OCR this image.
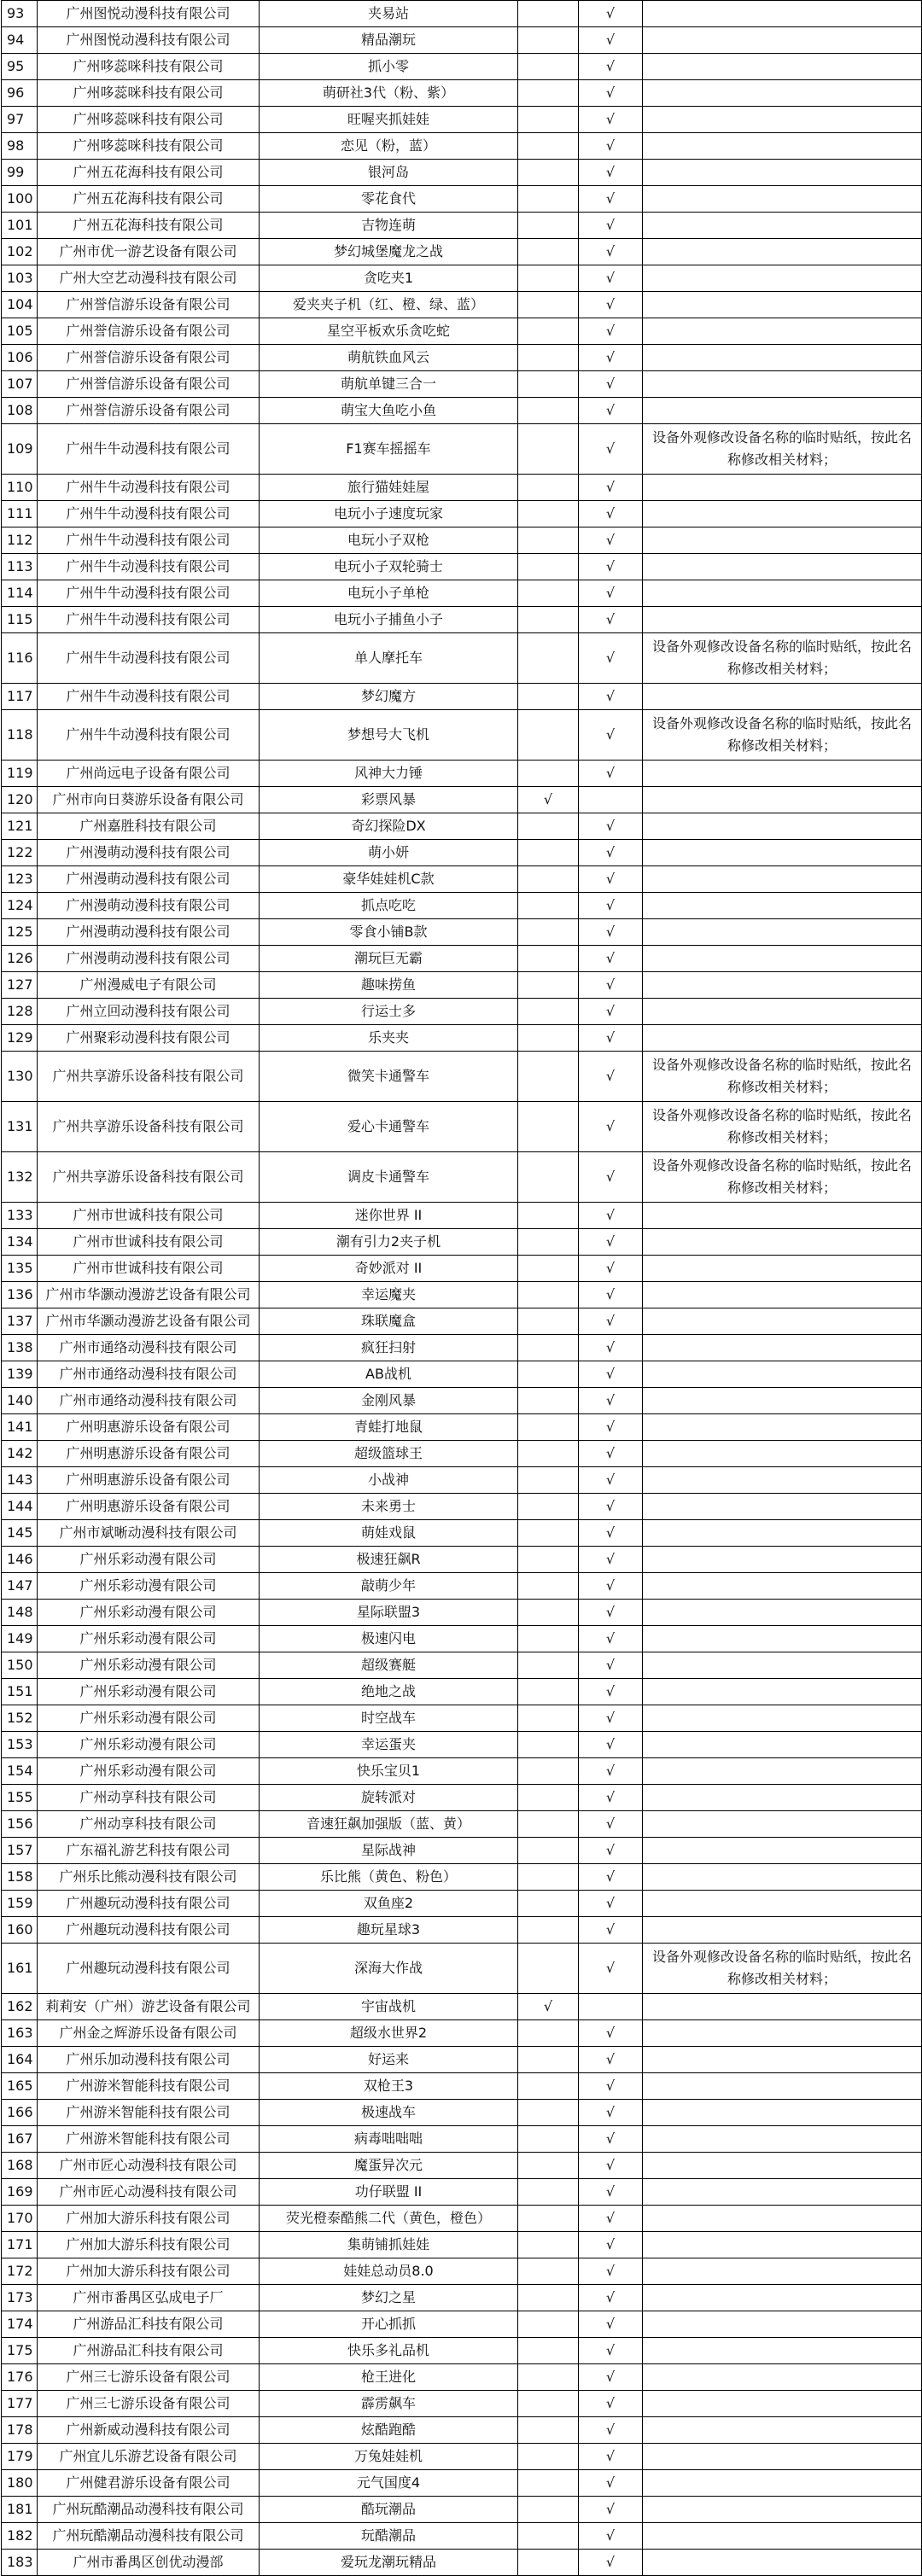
93	广州图悦动漫科技有限公司	夹易站		√	
94	广州图悦动漫科技有限公司	精品潮玩		√	
95	广州哆蕊咪科技有限公司	抓小零		√	
96	广州哆蕊咪科技有限公司	萌研社3代（粉、紫）		√	
97	广州哆蕊咪科技有限公司	旺喔夹抓娃娃		√	
98	广州哆蕊咪科技有限公司	恋见（粉，蓝）		√	
99	广州五花海科技有限公司	银河岛		√	
100	广州五花海科技有限公司	零花食代		√	
101	广州五花海科技有限公司	吉物连萌		√	
102	广州市优一游艺设备有限公司	梦幻城堡魔龙之战		√	
103	广州大空艺动漫科技有限公司	贪吃夹1		√	
104	广州誉信游乐设备有限公司	爱夹夹子机（红、橙、绿、蓝）		√	
105	广州誉信游乐设备有限公司	星空平板欢乐贪吃蛇		√	
106	广州誉信游乐设备有限公司	萌航铁血风云		√	
107	广州誉信游乐设备有限公司	萌航单键三合一		√	
108	广州誉信游乐设备有限公司	萌宝大鱼吃小鱼		√	
109	广州牛牛动漫科技有限公司	F1赛车摇摇车		√	设备外观修改设备名称的临时贴纸，按此名称修改相关材料；
110	广州牛牛动漫科技有限公司	旅行猫娃娃屋		√	
111	广州牛牛动漫科技有限公司	电玩小子速度玩家		√	
112	广州牛牛动漫科技有限公司	电玩小子双枪		√	
113	广州牛牛动漫科技有限公司	电玩小子双轮骑士		√	
114	广州牛牛动漫科技有限公司	电玩小子单枪		√	
115	广州牛牛动漫科技有限公司	电玩小子捕鱼小子		√	
116	广州牛牛动漫科技有限公司	单人摩托车		√	设备外观修改设备名称的临时贴纸，按此名称修改相关材料；
117	广州牛牛动漫科技有限公司	梦幻魔方		√	
118	广州牛牛动漫科技有限公司	梦想号大飞机		√	设备外观修改设备名称的临时贴纸，按此名称修改相关材料；
119	广州尚远电子设备有限公司	风神大力锤		√	
120	广州市向日葵游乐设备有限公司	彩票风暴	√		
121	广州嘉胜科技有限公司	奇幻探险DX		√	
122	广州漫萌动漫科技有限公司	萌小妍		√	
123	广州漫萌动漫科技有限公司	豪华娃娃机C款		√	
124	广州漫萌动漫科技有限公司	抓点吃吃		√	
125	广州漫萌动漫科技有限公司	零食小铺B款		√	
126	广州漫萌动漫科技有限公司	潮玩巨无霸		√	
127	广州漫威电子有限公司	趣味捞鱼		√	
128	广州立回动漫科技有限公司	行运士多		√	
129	广州聚彩动漫科技有限公司	乐夹夹		√	
130	广州共享游乐设备科技有限公司	微笑卡通警车		√	设备外观修改设备名称的临时贴纸，按此名称修改相关材料；
131	广州共享游乐设备科技有限公司	爱心卡通警车		√	设备外观修改设备名称的临时贴纸，按此名称修改相关材料；
132	广州共享游乐设备科技有限公司	调皮卡通警车		√	设备外观修改设备名称的临时贴纸，按此名称修改相关材料；
133	广州市世诚科技有限公司	迷你世界 II		√	
134	广州市世诚科技有限公司	潮有引力2夹子机		√	
135	广州市世诚科技有限公司	奇妙派对 II		√	
136	广州市华灏动漫游艺设备有限公司	幸运魔夹		√	
137	广州市华灏动漫游艺设备有限公司	珠联魔盒		√	
138	广州市通络动漫科技有限公司	疯狂扫射		√	
139	广州市通络动漫科技有限公司	AB战机		√	
140	广州市通络动漫科技有限公司	金刚风暴		√	
141	广州明惠游乐设备有限公司	青蛙打地鼠		√	
142	广州明惠游乐设备有限公司	超级篮球王		√	
143	广州明惠游乐设备有限公司	小战神		√	
144	广州明惠游乐设备有限公司	未来勇士		√	
145	广州市斌晰动漫科技有限公司	萌娃戏鼠		√	
146	广州乐彩动漫有限公司	极速狂飙R		√	
147	广州乐彩动漫有限公司	敲萌少年		√	
148	广州乐彩动漫有限公司	星际联盟3		√	
149	广州乐彩动漫有限公司	极速闪电		√	
150	广州乐彩动漫有限公司	超级赛艇		√	
151	广州乐彩动漫有限公司	绝地之战		√	
152	广州乐彩动漫有限公司	时空战车		√	
153	广州乐彩动漫有限公司	幸运蛋夹		√	
154	广州乐彩动漫有限公司	快乐宝贝1		√	
155	广州动享科技有限公司	旋转派对		√	
156	广州动享科技有限公司	音速狂飙加强版（蓝、黄）		√	
157	广东福礼游艺科技有限公司	星际战神		√	
158	广州乐比熊动漫科技有限公司	乐比熊（黄色、粉色）		√	
159	广州趣玩动漫科技有限公司	双鱼座2		√	
160	广州趣玩动漫科技有限公司	趣玩星球3		√	
161	广州趣玩动漫科技有限公司	深海大作战		√	设备外观修改设备名称的临时贴纸，按此名称修改相关材料；
162	莉莉安（广州）游艺设备有限公司	宇宙战机	√		
163	广州金之辉游乐设备有限公司	超级水世界2		√	
164	广州乐加动漫科技有限公司	好运来		√	
165	广州游米智能科技有限公司	双枪王3		√	
166	广州游米智能科技有限公司	极速战车		√	
167	广州游米智能科技有限公司	病毒咄咄咄		√	
168	广州市匠心动漫科技有限公司	魔蛋异次元		√	
169	广州市匠心动漫科技有限公司	功仔联盟 II		√	
170	广州加大游乐科技有限公司	荧光橙泰酷熊二代（黄色，橙色）		√	
171	广州加大游乐科技有限公司	集萌铺抓娃娃		√	
172	广州加大游乐科技有限公司	娃娃总动员8.0		√	
173	广州市番禺区弘成电子厂	梦幻之星		√	
174	广州游品汇科技有限公司	开心抓抓		√	
175	广州游品汇科技有限公司	快乐多礼品机		√	
176	广州三七游乐设备有限公司	枪王进化		√	
177	广州三七游乐设备有限公司	霹雳飙车		√	
178	广州新威动漫科技有限公司	炫酷跑酷		√	
179	广州宜儿乐游艺设备有限公司	万兔娃娃机		√	
180	广州健君游乐设备有限公司	元气国度4		√	
181	广州玩酷潮品动漫科技有限公司	酷玩潮品		√	
182	广州玩酷潮品动漫科技有限公司	玩酷潮品		√	
183	广州市番禺区创优动漫部	爱玩龙潮玩精品		√	
